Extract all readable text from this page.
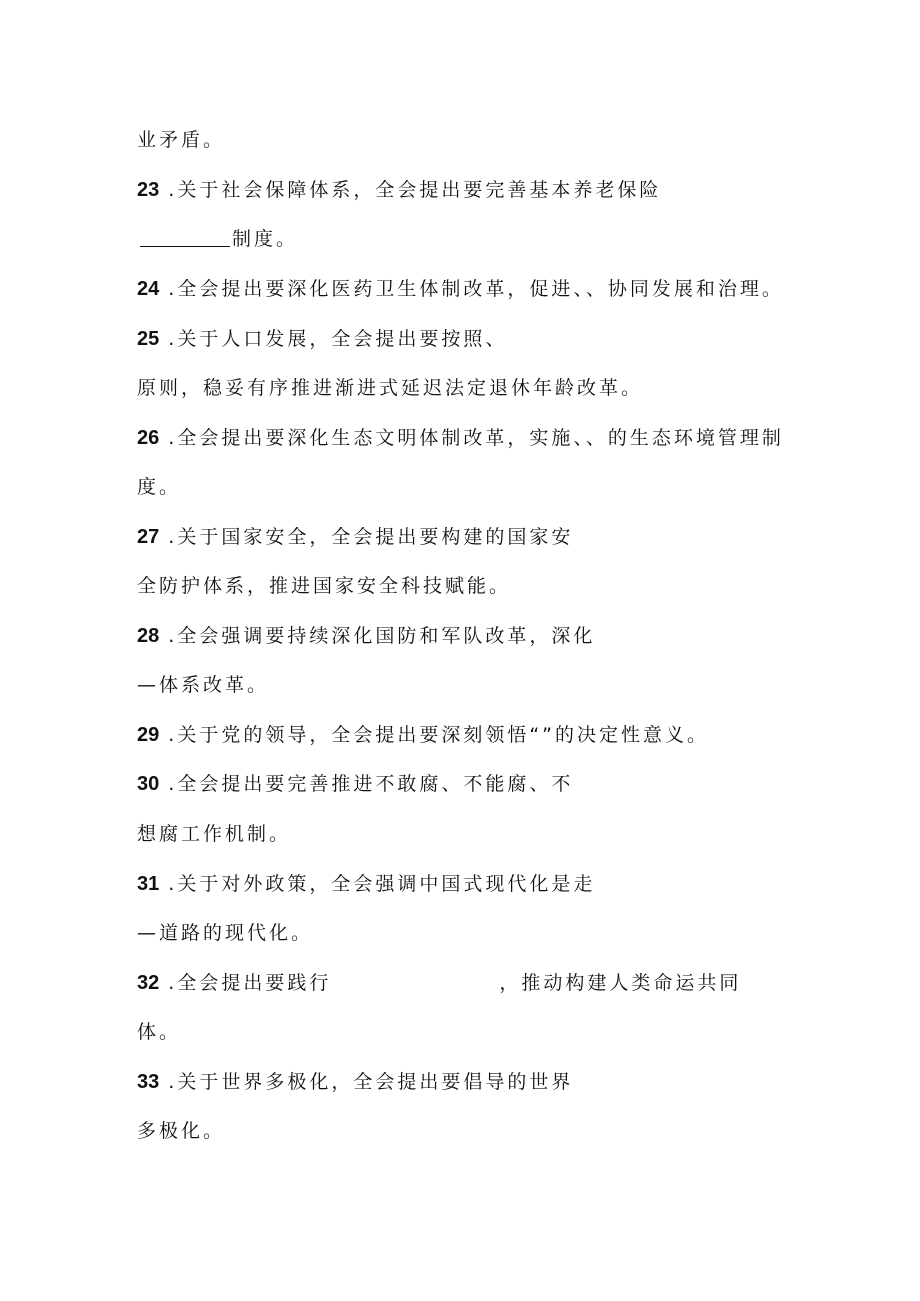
业矛盾。
23 .关于社会保障体系，全会提出要完善基本养老保险
制度。
24 .全会提出要深化医药卫生体制改革，促进、、协同发展和治理。
25 .关于人口发展，全会提出要按照、
原则，稳妥有序推进渐进式延迟法定退休年龄改革。
26 .全会提出要深化生态文明体制改革，实施、、的生态环境管理制
度。
27 .关于国家安全，全会提出要构建的国家安
全防护体系，推进国家安全科技赋能。
28 .全会强调要持续深化国防和军队改革，深化
—体系改革。
29 .关于党的领导，全会提出要深刻领悟“”的决定性意义。
30 .全会提出要完善推进不敢腐、不能腐、不
想腐工作机制。
31 .关于对外政策，全会强调中国式现代化是走
—道路的现代化。
32 .全会提出要践行	，推动构建人类命运共同
体。
33 .关于世界多极化，全会提出要倡导的世界
多极化。
